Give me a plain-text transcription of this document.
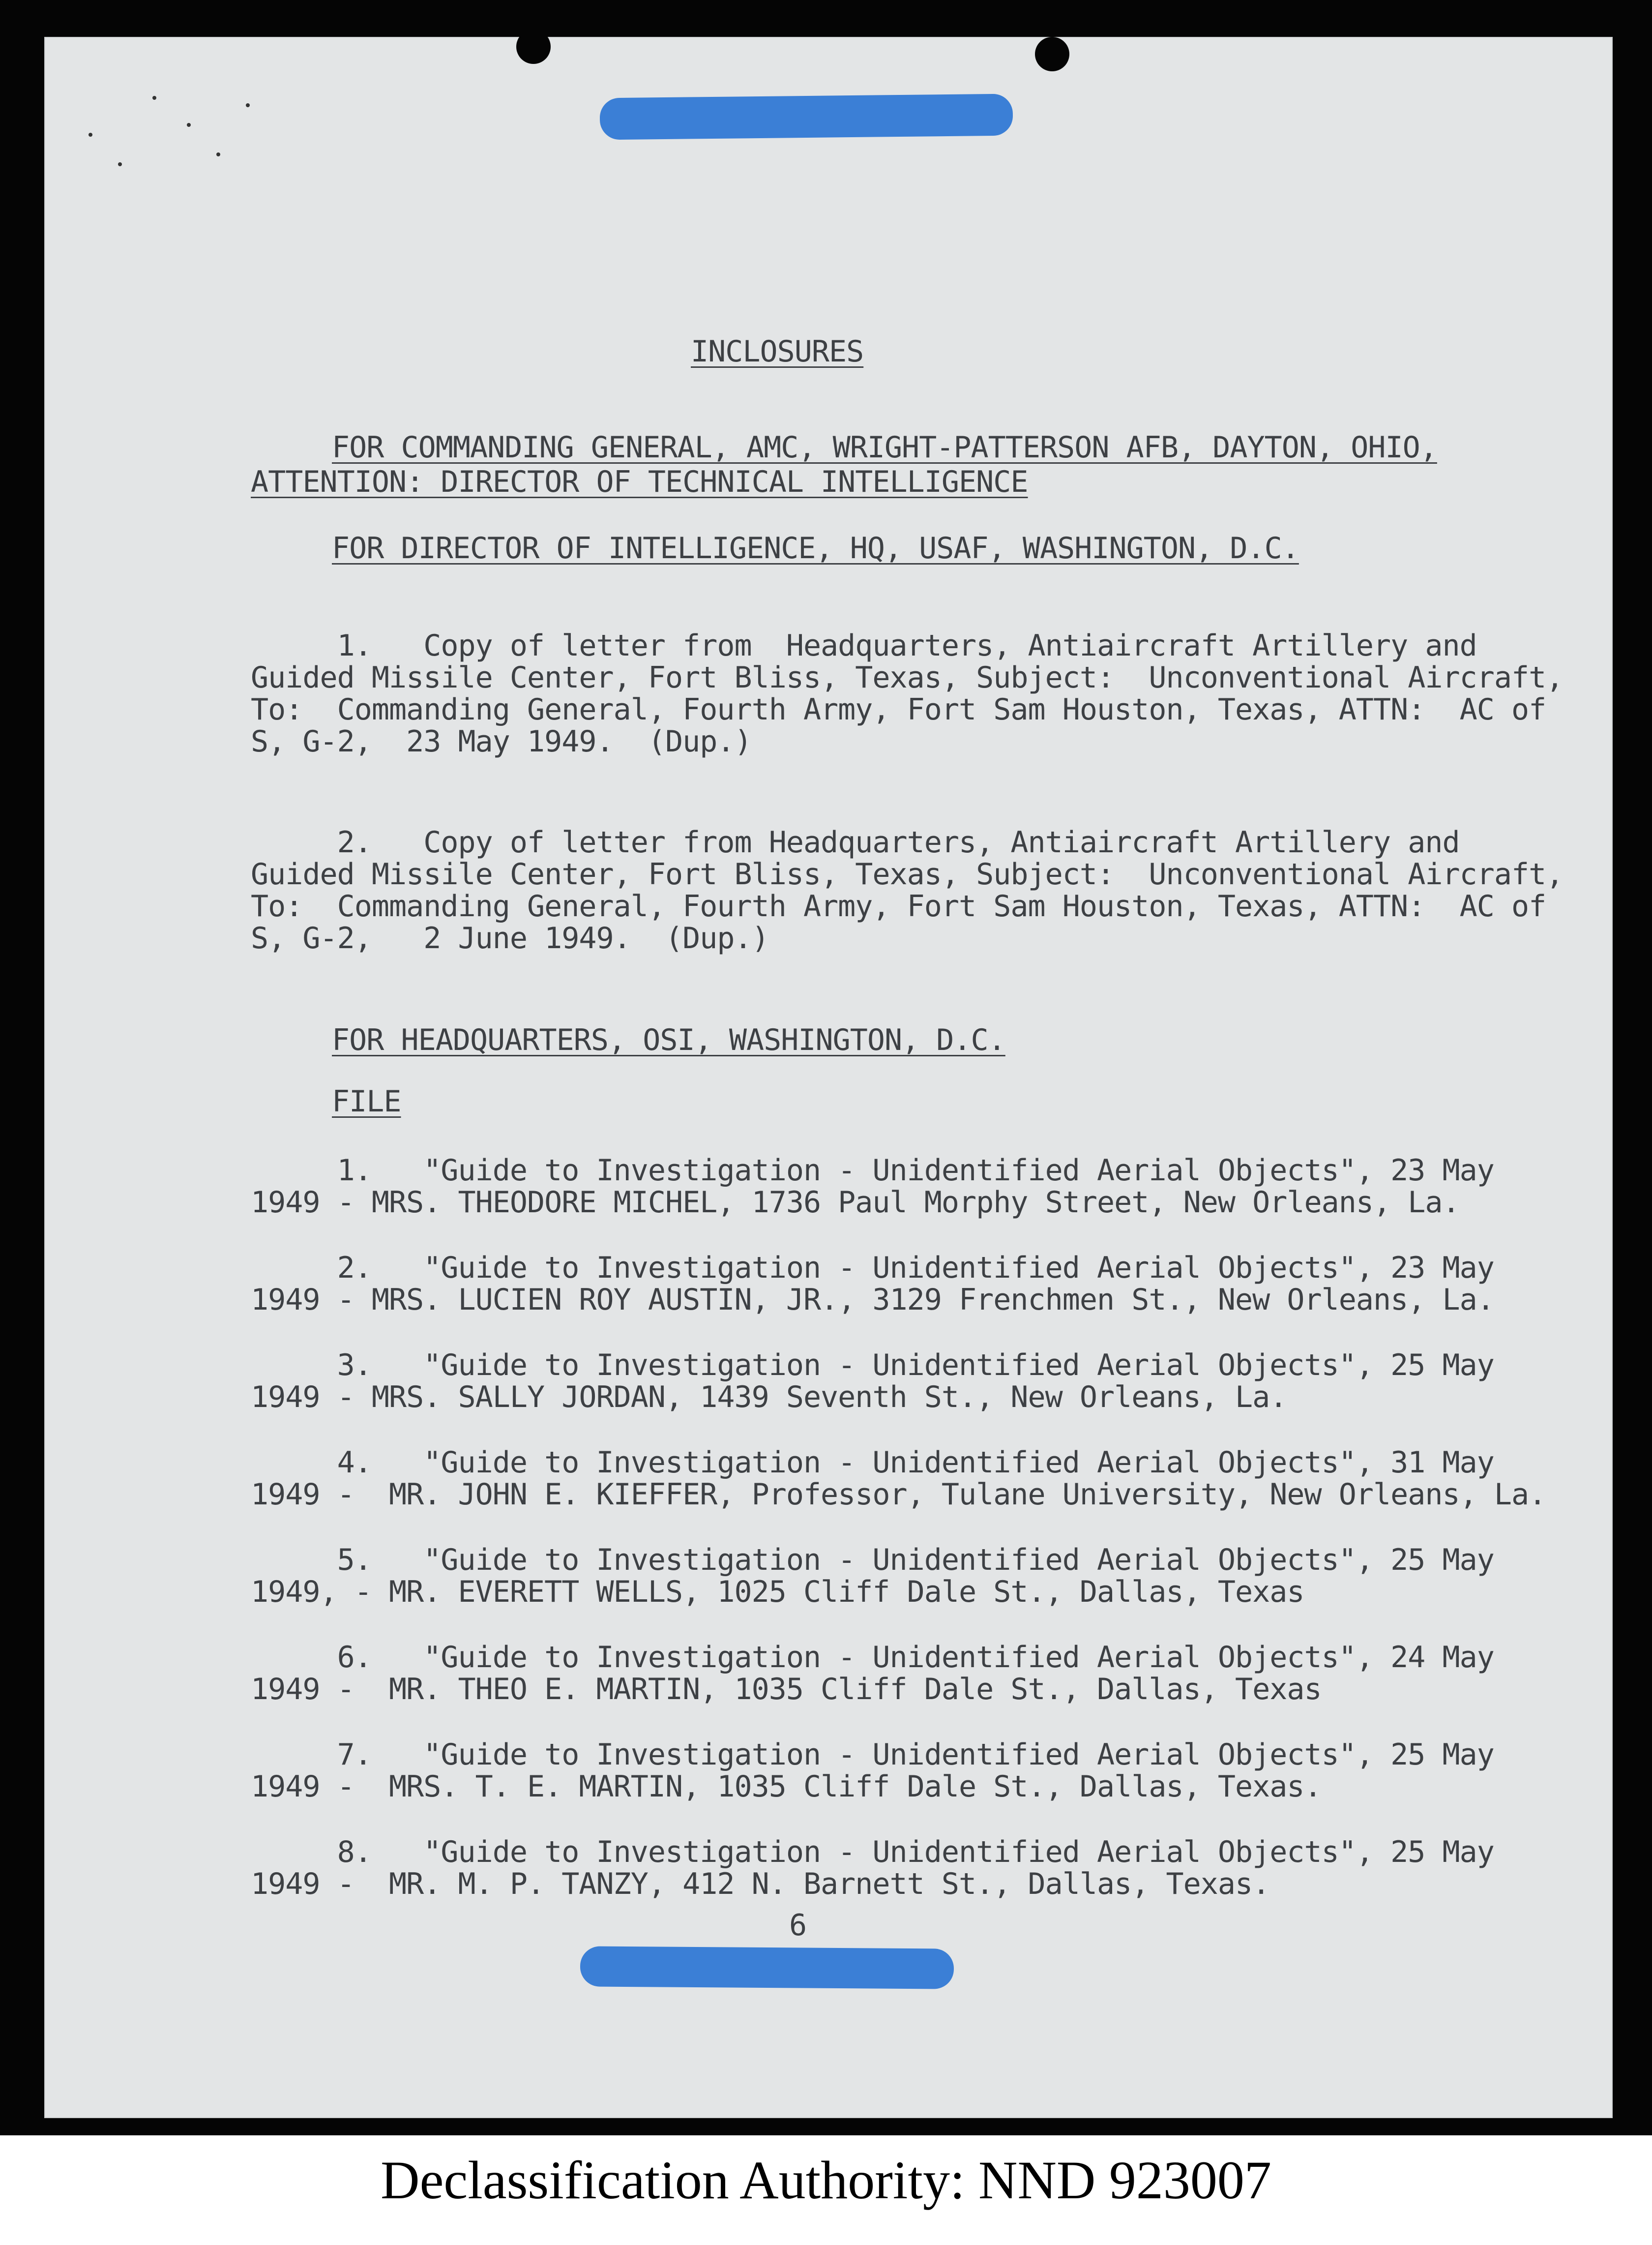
INCLOSURES
FOR COMMANDING GENERAL, AMC, WRIGHT-PATTERSON AFB, DAYTON, OHIO,
ATTENTION: DIRECTOR OF TECHNICAL INTELLIGENCE
FOR DIRECTOR OF INTELLIGENCE, HQ, USAF, WASHINGTON, D.C.
1.   Copy of letter from  Headquarters, Antiaircraft Artillery and
Guided Missile Center, Fort Bliss, Texas, Subject:  Unconventional Aircraft,
To:  Commanding General, Fourth Army, Fort Sam Houston, Texas, ATTN:  AC of
S, G-2,  23 May 1949.  (Dup.)
2.   Copy of letter from Headquarters, Antiaircraft Artillery and
Guided Missile Center, Fort Bliss, Texas, Subject:  Unconventional Aircraft,
To:  Commanding General, Fourth Army, Fort Sam Houston, Texas, ATTN:  AC of
S, G-2,   2 June 1949.  (Dup.)
FOR HEADQUARTERS, OSI, WASHINGTON, D.C.
FILE
1.   "Guide to Investigation - Unidentified Aerial Objects", 23 May
1949 - MRS. THEODORE MICHEL, 1736 Paul Morphy Street, New Orleans, La.
2.   "Guide to Investigation - Unidentified Aerial Objects", 23 May
1949 - MRS. LUCIEN ROY AUSTIN, JR., 3129 Frenchmen St., New Orleans, La.
3.   "Guide to Investigation - Unidentified Aerial Objects", 25 May
1949 - MRS. SALLY JORDAN, 1439 Seventh St., New Orleans, La.
4.   "Guide to Investigation - Unidentified Aerial Objects", 31 May
1949 -  MR. JOHN E. KIEFFER, Professor, Tulane University, New Orleans, La.
5.   "Guide to Investigation - Unidentified Aerial Objects", 25 May
1949, - MR. EVERETT WELLS, 1025 Cliff Dale St., Dallas, Texas
6.   "Guide to Investigation - Unidentified Aerial Objects", 24 May
1949 -  MR. THEO E. MARTIN, 1035 Cliff Dale St., Dallas, Texas
7.   "Guide to Investigation - Unidentified Aerial Objects", 25 May
1949 -  MRS. T. E. MARTIN, 1035 Cliff Dale St., Dallas, Texas.
8.   "Guide to Investigation - Unidentified Aerial Objects", 25 May
1949 -  MR. M. P. TANZY, 412 N. Barnett St., Dallas, Texas.
6
Declassification Authority: NND 923007
